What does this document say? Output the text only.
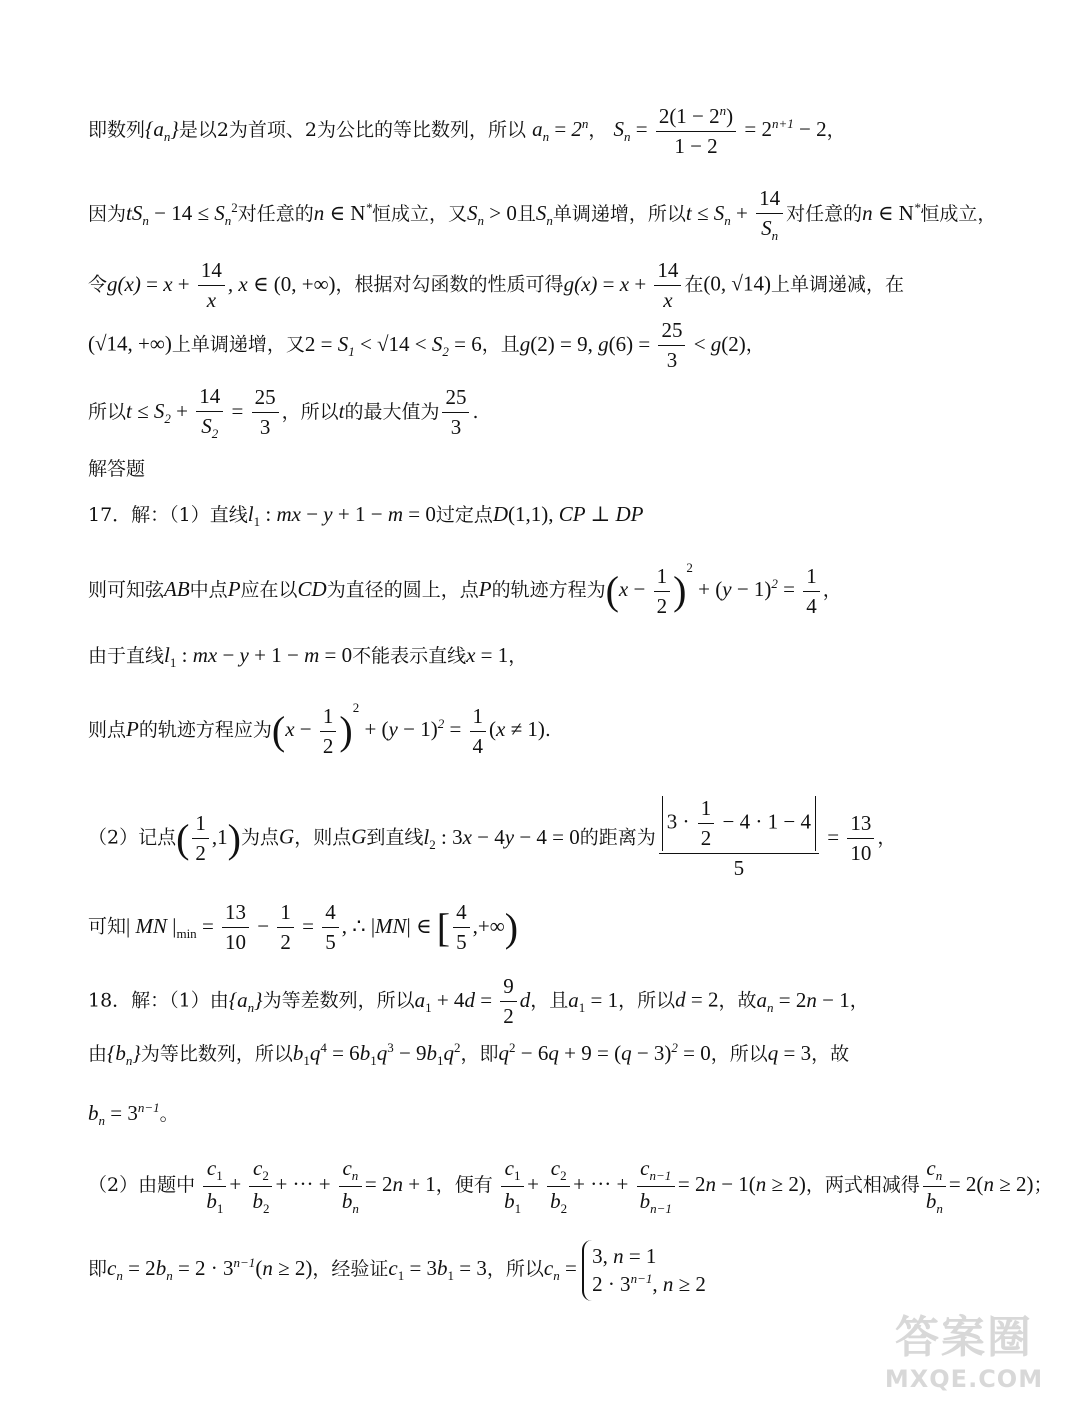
即数列$\{a_n\}$是以2为首项、2为公比的等比数列，所以 $a_n = 2^n$， $S_n = \frac{2(1 - 2^n)}{1 - 2} = 2^{n+1} - 2$，
因为$tS_n - 14 \le S_n^2$对任意的n ∈ N*恒成立，又$S_n > 0$且$S_n$单调递增，所以$t \le S_n + \frac{14}{S_n}$ 对任意的n ∈ N*恒成立，
令$g(x) = x + \frac{14}{x}$ , x ∈ (0, +∞)，根据对勾函数的性质可得$g(x) = x + \frac{14}{x}$ 在(0, √14)上单调递减，在
(√14, +∞)上单调递增，又$2 = S_1 < √14 < S_2 = 6$，且g(2) = 9, $g(6) = \frac{25}{3} < g(2)$，
所以$t \le S_2 + \frac{14}{S_2} = \frac{25}{3}$ ，所以t的最大值为 $\frac{25}{3}$ .
解答题
17．解：（1）直线$l_1$ : mx − y + 1 − m = 0过定点D(1,1), CP ⊥ DP
则可知弦AB中点P应在以CD为直径的圆上，点P的轨迹方程为$(x - \frac{1}{2} )^2 + (y - 1)^2 = \frac{1}{4}$ ，
由于直线$l_1$ : mx − y + 1 − m = 0不能表示直线x = 1，
则点P的轨迹方程应为$(x - \frac{1}{2} )^2 + (y - 1)^2 = \frac{1}{4} (x \ne 1)$.
（2）记点( $\frac{1}{2} ,1$)为点G，则点G到直线$l_2$ : 3x − 4y − 4 = 0的距离为 $\frac{3 \cdot \frac{1}{2} - 4 \cdot 1 - 4}{5} = \frac{13}{10}$ ，
可知| MN $|_{min} = \frac{13}{10} - \frac{1}{2} = \frac{4}{5}$ , ∴ |MN| ∈ [ $\frac{4}{5}$ ,+∞)
18．解：（1）由$\{a_n\}$为等差数列，所以$a_1 + 4d = \frac{9}{2}$ d，且$a_1 = 1$，所以d = 2，故$a_n = 2n - 1$，
由$\{b_n\}$为等比数列，所以$b_1q^4 = 6b_1q^3 - 9b_1q^2$，即$q^2 - 6q + 9 = (q - 3)^2 = 0$，所以q = 3，故
$b_n = 3^{n-1}$。
（2）由题中 $\frac{c_1}{b_1} + \frac{c_2}{b_2}$ + ··· + $\frac{c_n}{b_n} = 2n + 1$，便有 $\frac{c_1}{b_1} + \frac{c_2}{b_2}$ + ··· + $\frac{c_{n-1}}{b_{n-1}} = 2n - 1(n \ge 2)$，两式相减得 $\frac{c_n}{b_n} = 2(n \ge 2)$；
即$c_n = 2b_n = 2 \cdot 3^{n-1}(n \ge 2)$，经验证$c_1 = 3b_1 = 3$，所以$c_n = 3$, n = 1
$2 \cdot 3^{n-1}$, n ≥ 2
答案圈
MXQE.COM
